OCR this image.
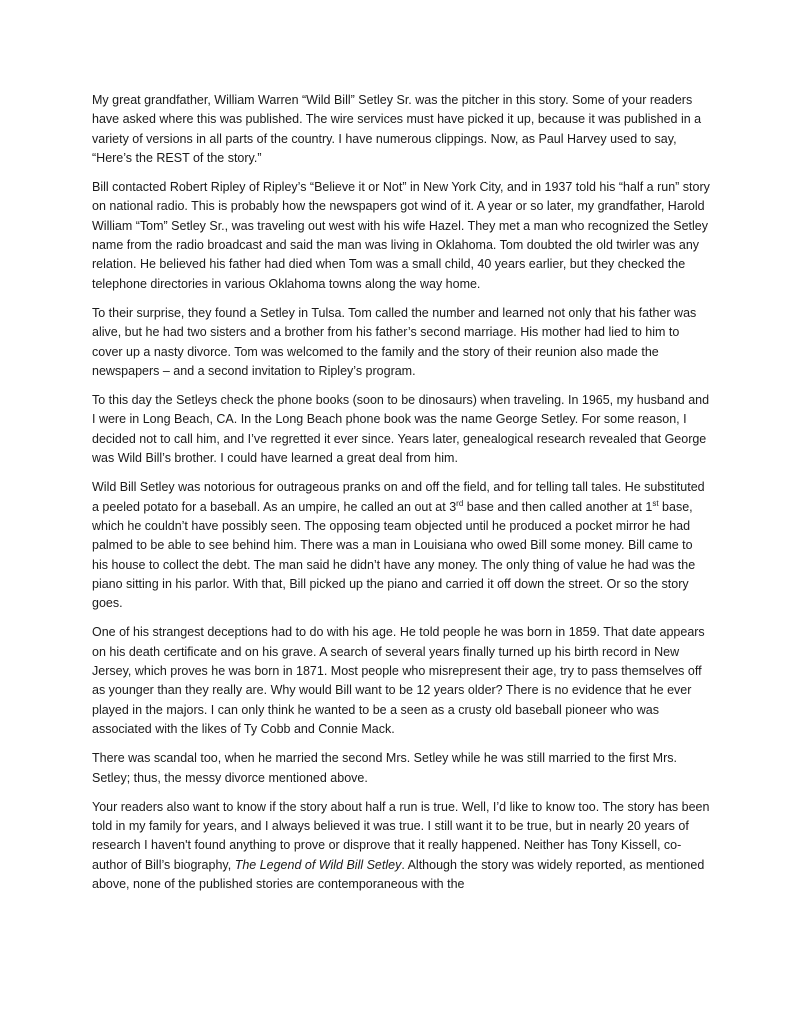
My great grandfather, William Warren “Wild Bill” Setley Sr. was the pitcher in this story. Some of your readers have asked where this was published. The wire services must have picked it up, because it was published in a variety of versions in all parts of the country. I have numerous clippings. Now, as Paul Harvey used to say, “Here’s the REST of the story.”

Bill contacted Robert Ripley of Ripley’s “Believe it or Not” in New York City, and in 1937 told his “half a run” story on national radio. This is probably how the newspapers got wind of it. A year or so later, my grandfather, Harold William “Tom” Setley Sr., was traveling out west with his wife Hazel. They met a man who recognized the Setley name from the radio broadcast and said the man was living in Oklahoma. Tom doubted the old twirler was any relation. He believed his father had died when Tom was a small child, 40 years earlier, but they checked the telephone directories in various Oklahoma towns along the way home.

To their surprise, they found a Setley in Tulsa. Tom called the number and learned not only that his father was alive, but he had two sisters and a brother from his father’s second marriage. His mother had lied to him to cover up a nasty divorce. Tom was welcomed to the family and the story of their reunion also made the newspapers – and a second invitation to Ripley’s program.

To this day the Setleys check the phone books (soon to be dinosaurs) when traveling. In 1965, my husband and I were in Long Beach, CA. In the Long Beach phone book was the name George Setley. For some reason, I decided not to call him, and I’ve regretted it ever since. Years later, genealogical research revealed that George was Wild Bill’s brother. I could have learned a great deal from him.

Wild Bill Setley was notorious for outrageous pranks on and off the field, and for telling tall tales. He substituted a peeled potato for a baseball. As an umpire, he called an out at 3rd base and then called another at 1st base, which he couldn’t have possibly seen. The opposing team objected until he produced a pocket mirror he had palmed to be able to see behind him. There was a man in Louisiana who owed Bill some money. Bill came to his house to collect the debt. The man said he didn’t have any money. The only thing of value he had was the piano sitting in his parlor. With that, Bill picked up the piano and carried it off down the street. Or so the story goes.

One of his strangest deceptions had to do with his age. He told people he was born in 1859. That date appears on his death certificate and on his grave. A search of several years finally turned up his birth record in New Jersey, which proves he was born in 1871. Most people who misrepresent their age, try to pass themselves off as younger than they really are. Why would Bill want to be 12 years older? There is no evidence that he ever played in the majors. I can only think he wanted to be a seen as a crusty old baseball pioneer who was associated with the likes of Ty Cobb and Connie Mack.

There was scandal too, when he married the second Mrs. Setley while he was still married to the first Mrs. Setley; thus, the messy divorce mentioned above.

Your readers also want to know if the story about half a run is true. Well, I’d like to know too. The story has been told in my family for years, and I always believed it was true. I still want it to be true, but in nearly 20 years of research I haven't found anything to prove or disprove that it really happened. Neither has Tony Kissell, co-author of Bill’s biography, The Legend of Wild Bill Setley. Although the story was widely reported, as mentioned above, none of the published stories are contemporaneous with the
